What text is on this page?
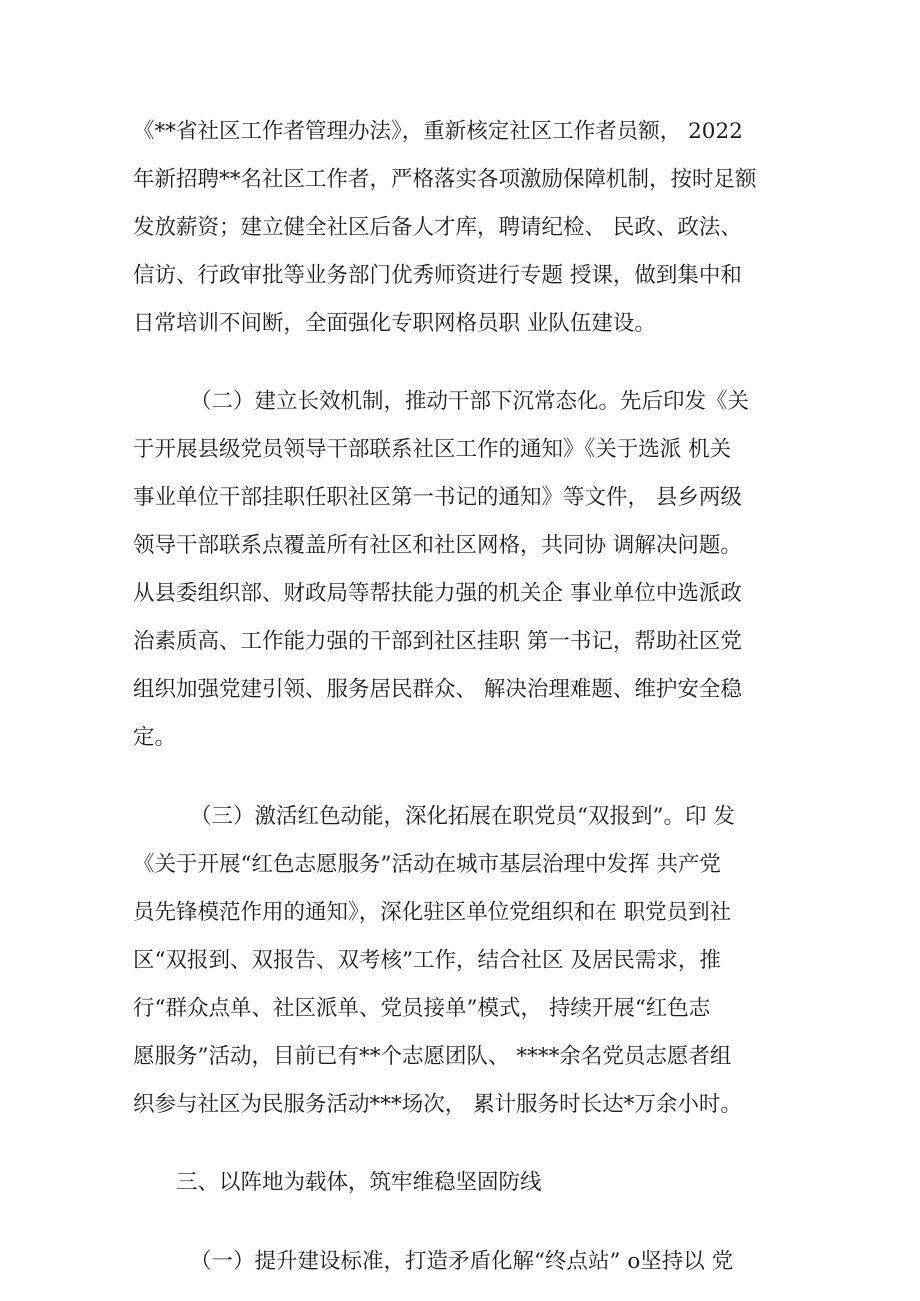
《**省社区工作者管理办法》，重新核定社区工作者员额， 2022
年新招聘**名社区工作者，严格落实各项激励保障机制，按时足额
发放薪资；建立健全社区后备人才库，聘请纪检、 民政、政法、
信访、行政审批等业务部门优秀师资进行专题 授课，做到集中和
日常培训不间断，全面强化专职网格员职 业队伍建设。
（二）建立长效机制，推动干部下沉常态化。先后印发《关
于开展县级党员领导干部联系社区工作的通知》《关于选派 机关
事业单位干部挂职任职社区第一书记的通知》等文件， 县乡两级
领导干部联系点覆盖所有社区和社区网格，共同协 调解决问题。
从县委组织部、财政局等帮扶能力强的机关企 事业单位中选派政
治素质高、工作能力强的干部到社区挂职 第一书记，帮助社区党
组织加强党建引领、服务居民群众、 解决治理难题、维护安全稳
定。
（三）激活红色动能，深化拓展在职党员“双报到”。印 发
《关于开展“红色志愿服务”活动在城市基层治理中发挥 共产党
员先锋模范作用的通知》，深化驻区单位党组织和在 职党员到社
区“双报到、双报告、双考核”工作，结合社区 及居民需求，推
行“群众点单、社区派单、党员接单”模式， 持续开展“红色志
愿服务”活动，目前已有**个志愿团队、 ****余名党员志愿者组
织参与社区为民服务活动***场次， 累计服务时长达*万余小时。
三、以阵地为载体，筑牢维稳坚固防线
（一）提升建设标准，打造矛盾化解“终点站” o坚持以 党
